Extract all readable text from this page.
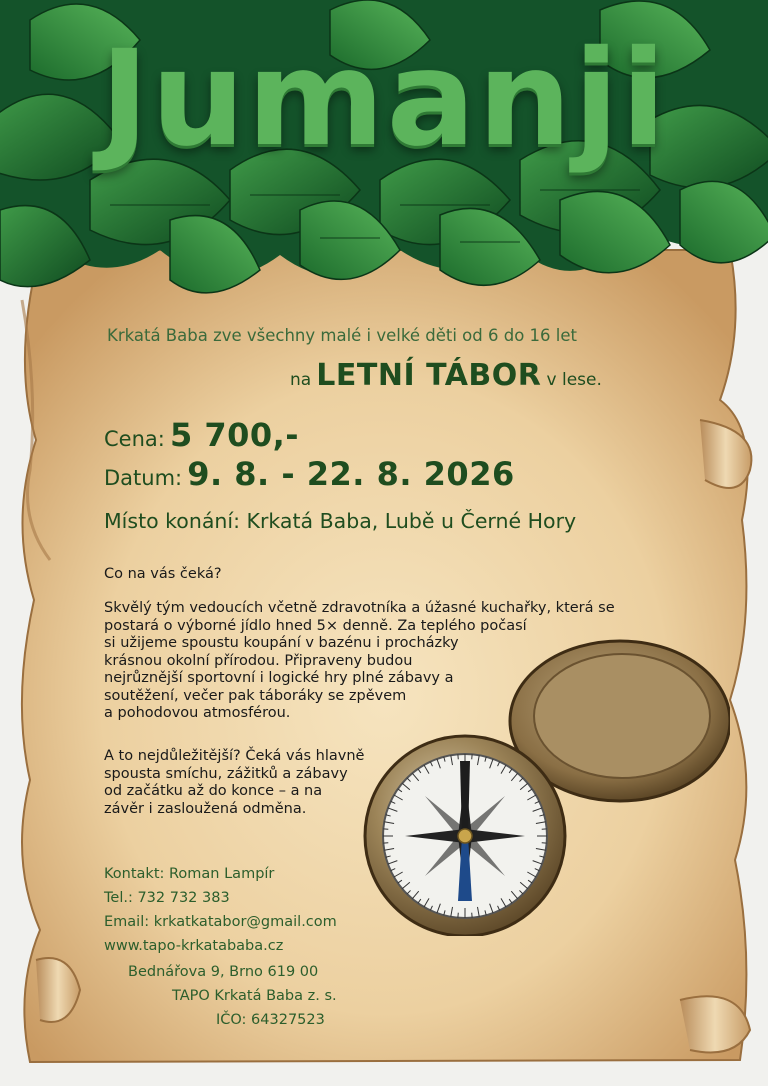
Jumanji
Krkatá Baba zve všechny malé i velké děti od 6 do 16 let
na LETNÍ TÁBOR v lese.
Cena: 5 700,-
Datum: 9. 8. - 22. 8. 2026
Místo konání: Krkatá Baba, Lubě u Černé Hory

Co na vás čeká?

Skvělý tým vedoucích včetně zdravotníka a úžasné kuchařky, která se
postará o výborné jídlo hned 5× denně. Za teplého počasí
si užijeme spoustu koupání v bazénu i procházky
krásnou okolní přírodou. Připraveny budou
nejrůznější sportovní i logické hry plné zábavy a
soutěžení, večer pak táboráky se zpěvem
a pohodovou atmosférou.
A to nejdůležitější? Čeká vás hlavně
spousta smíchu, zážitků a zábavy
od začátku až do konce – a na
závěr i zasloužená odměna.
Kontakt: Roman Lampír
Tel.: 732 732 383
Email: krkatkatabor@gmail.com
www.tapo-krkatababa.cz
Bednářova 9, Brno 619 00
TAPO Krkatá Baba z. s.
IČO: 64327523
